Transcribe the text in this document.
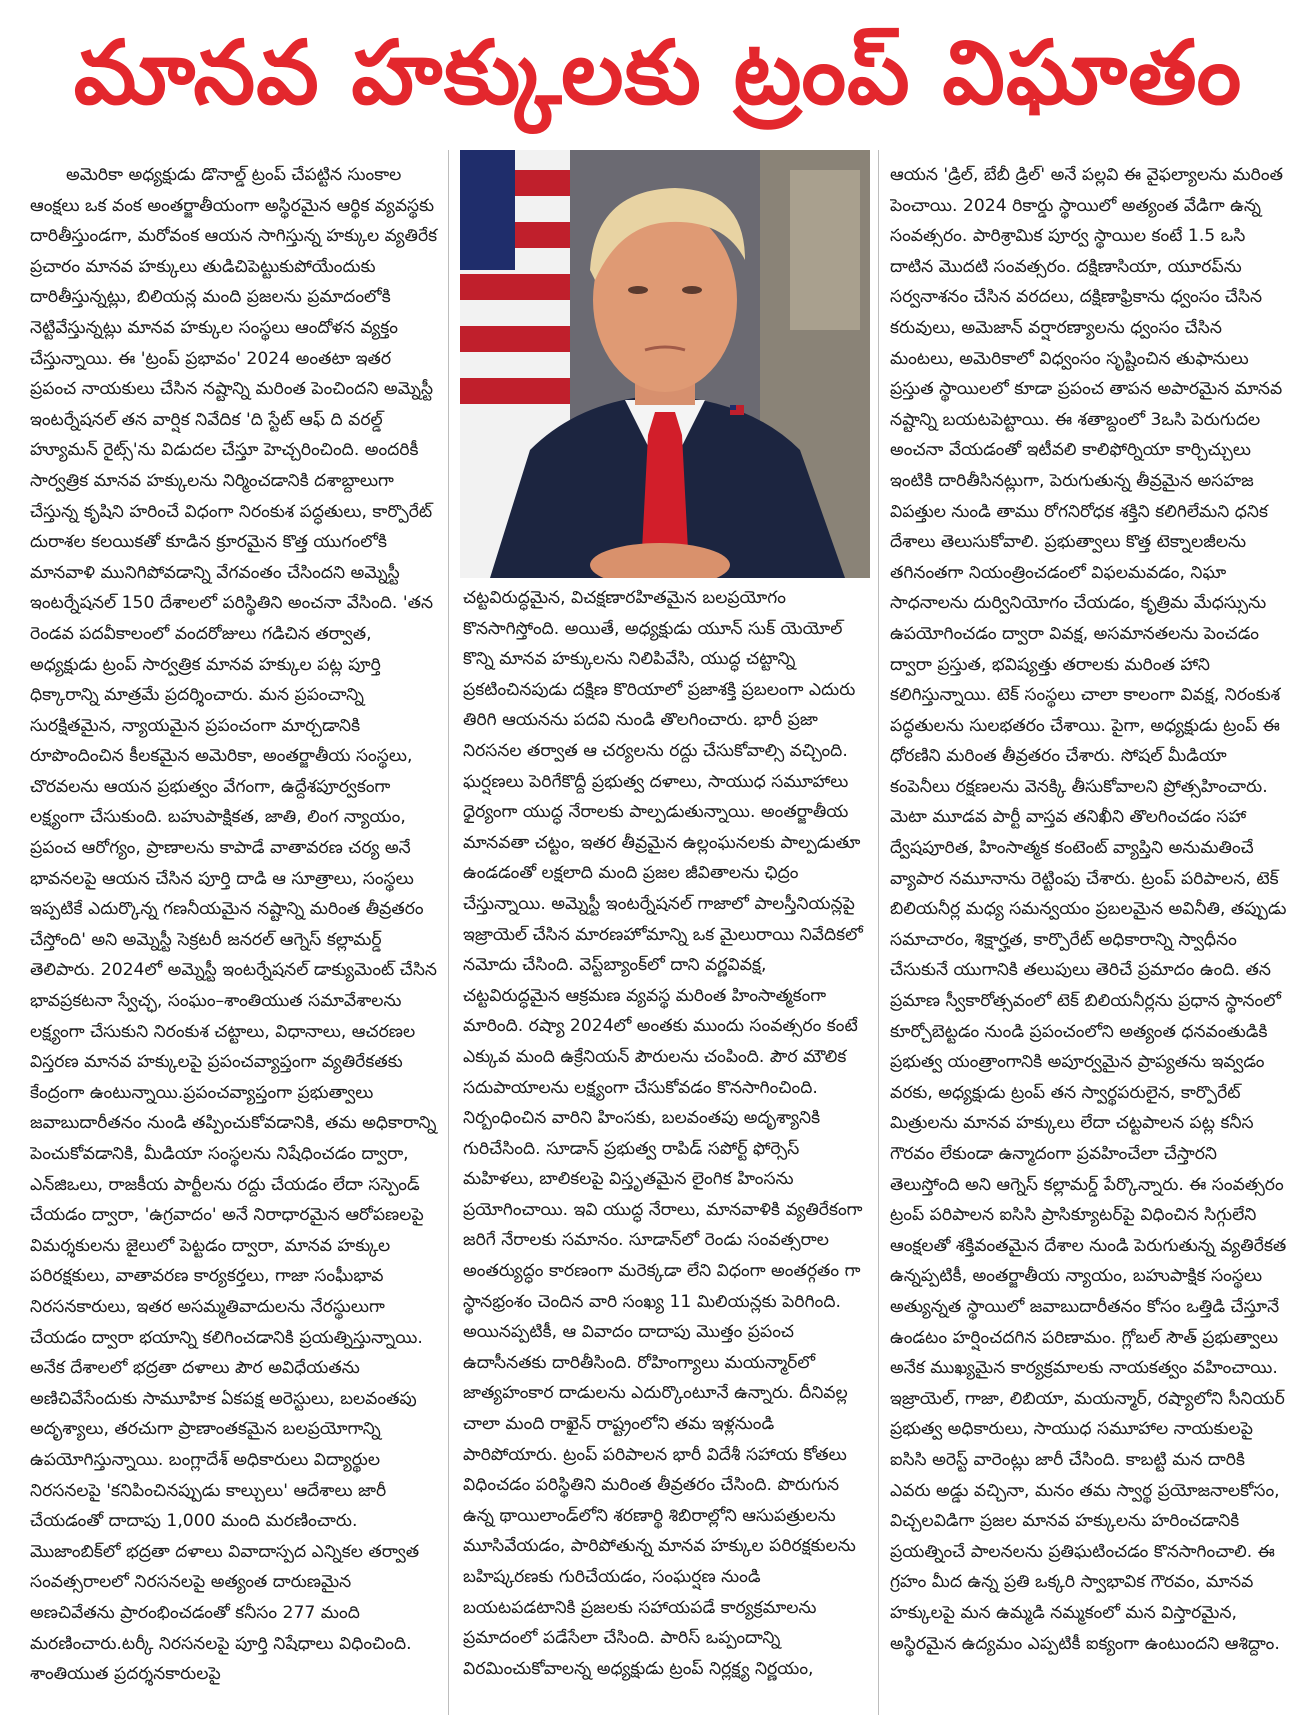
మానవ హక్కులకు ట్రంప్ విఘాతం

అమెరికా అధ్యక్షుడు డొనాల్డ్ ట్రంప్ చేపట్టిన సుంకాల ఆంక్షలు ఒక వంక అంతర్జాతీయంగా అస్థిరమైన ఆర్థిక వ్యవస్థకు దారితీస్తుండగా, మరోవంక ఆయన సాగిస్తున్న హక్కుల వ్యతిరేక ప్రచారం మానవ హక్కులు తుడిచిపెట్టుకుపోయేందుకు దారితీస్తున్నట్లు, బిలియన్ల మంది ప్రజలను ప్రమాదంలోకి నెట్టివేస్తున్నట్లు మానవ హక్కుల సంస్థలు ఆందోళన వ్యక్తం చేస్తున్నాయి. ఈ 'ట్రంప్ ప్రభావం' 2024 అంతటా ఇతర ప్రపంచ నాయకులు చేసిన నష్టాన్ని మరింత పెంచిందని అమ్నెస్టీ ఇంటర్నేషనల్ తన వార్షిక నివేదిక 'ది స్టేట్ ఆఫ్ ది వరల్డ్ హ్యూమన్ రైట్స్'ను విడుదల చేస్తూ హెచ్చరించింది. అందరికీ సార్వత్రిక మానవ హక్కులను నిర్మించడానికి దశాబ్దాలుగా చేస్తున్న కృషిని హరించే విధంగా నిరంకుశ పద్ధతులు, కార్పొరేట్ దురాశల కలయికతో కూడిన క్రూరమైన కొత్త యుగంలోకి మానవాళి మునిగిపోవడాన్ని వేగవంతం చేసిందని అమ్నెస్టీ ఇంటర్నేషనల్ 150 దేశాలలో పరిస్థితిని అంచనా వేసింది. 'తన రెండవ పదవీకాలంలో వందరోజులు గడిచిన తర్వాత, అధ్యక్షుడు ట్రంప్ సార్వత్రిక మానవ హక్కుల పట్ల పూర్తి ధిక్కారాన్ని మాత్రమే ప్రదర్శించారు. మన ప్రపంచాన్ని సురక్షితమైన, న్యాయమైన ప్రపంచంగా మార్చడానికి రూపొందించిన కీలకమైన అమెరికా, అంతర్జాతీయ సంస్థలు, చొరవలను ఆయన ప్రభుత్వం వేగంగా, ఉద్దేశపూర్వకంగా లక్ష్యంగా చేసుకుంది. బహుపాక్షికత, జాతి, లింగ న్యాయం, ప్రపంచ ఆరోగ్యం, ప్రాణాలను కాపాడే వాతావరణ చర్య అనే భావనలపై ఆయన చేసిన పూర్తి దాడి ఆ సూత్రాలు, సంస్థలు ఇప్పటికే ఎదుర్కొన్న గణనీయమైన నష్టాన్ని మరింత తీవ్రతరం చేస్తోంది' అని అమ్నెస్టీ సెక్రటరీ జనరల్ ఆగ్నెస్ కల్లామర్డ్ తెలిపారు. 2024లో అమ్నెస్టీ ఇంటర్నేషనల్ డాక్యుమెంట్ చేసిన భావప్రకటనా స్వేచ్ఛ, సంఘం–శాంతియుత సమావేశాలను లక్ష్యంగా చేసుకుని నిరంకుశ చట్టాలు, విధానాలు, ఆచరణల విస్తరణ మానవ హక్కులపై ప్రపంచవ్యాప్తంగా వ్యతిరేకతకు కేంద్రంగా ఉంటున్నాయి.ప్రపంచవ్యాప్తంగా ప్రభుత్వాలు జవాబుదారీతనం నుండి తప్పించుకోవడానికి, తమ అధికారాన్ని పెంచుకోవడానికి, మీడియా సంస్థలను నిషేధించడం ద్వారా, ఎన్‌జిఒలు, రాజకీయ పార్టీలను రద్దు చేయడం లేదా సస్పెండ్ చేయడం ద్వారా, 'ఉగ్రవాదం' అనే నిరాధారమైన ఆరోపణలపై విమర్శకులను జైలులో పెట్టడం ద్వారా, మానవ హక్కుల పరిరక్షకులు, వాతావరణ కార్యకర్తలు, గాజా సంఘీభావ నిరసనకారులు, ఇతర అసమ్మతివాదులను నేరస్థులుగా చేయడం ద్వారా భయాన్ని కలిగించడానికి ప్రయత్నిస్తున్నాయి. అనేక దేశాలలో భద్రతా దళాలు పౌర అవిధేయతను అణిచివేసేందుకు సామూహిక ఏకపక్ష అరెస్టులు, బలవంతపు అదృశ్యాలు, తరచుగా ప్రాణాంతకమైన బలప్రయోగాన్ని ఉపయోగిస్తున్నాయి. బంగ్లాదేశ్ అధికారులు విద్యార్థుల నిరసనలపై 'కనిపించినప్పుడు కాల్చులు' ఆదేశాలు జారీ చేయడంతో దాదాపు 1,000 మంది మరణించారు. మొజాంబిక్‌లో భద్రతా దళాలు వివాదాస్పద ఎన్నికల తర్వాత సంవత్సరాలలో నిరసనలపై అత్యంత దారుణమైన అణచివేతను ప్రారంభించడంతో కనీసం 277 మంది మరణించారు.టర్కీ నిరసనలపై పూర్తి నిషేధాలు విధించింది. శాంతియుత ప్రదర్శనకారులపై

చట్టవిరుద్ధమైన, విచక్షణారహితమైన బలప్రయోగం కొనసాగిస్తోంది. అయితే, అధ్యక్షుడు యూన్ సుక్ యెయోల్ కొన్ని మానవ హక్కులను నిలిపివేసి, యుద్ధ చట్టాన్ని ప్రకటించినపుడు దక్షిణ కొరియాలో ప్రజాశక్తి ప్రబలంగా ఎదురు తిరిగి ఆయనను పదవి నుండి తొలగించారు. భారీ ప్రజా నిరసనల తర్వాత ఆ చర్యలను రద్దు చేసుకోవాల్సి వచ్చింది. ఘర్షణలు పెరిగేకొద్దీ ప్రభుత్వ దళాలు, సాయుధ సమూహాలు ధైర్యంగా యుద్ధ నేరాలకు పాల్పడుతున్నాయి. అంతర్జాతీయ మానవతా చట్టం, ఇతర తీవ్రమైన ఉల్లంఘనలకు పాల్పడుతూ ఉండడంతో లక్షలాది మంది ప్రజల జీవితాలను ఛిద్రం చేస్తున్నాయి. అమ్నెస్టీ ఇంటర్నేషనల్ గాజాలో పాలస్తీనియన్లపై ఇజ్రాయెల్ చేసిన మారణహోమాన్ని ఒక మైలురాయి నివేదికలో నమోదు చేసింది. వెస్ట్‌బ్యాంక్‌లో దాని వర్ణవివక్ష, చట్టవిరుద్ధమైన ఆక్రమణ వ్యవస్థ మరింత హింసాత్మకంగా మారింది. రష్యా 2024లో అంతకు ముందు సంవత్సరం కంటే ఎక్కువ మంది ఉక్రేనియన్ పౌరులను చంపింది. పౌర మౌలిక సదుపాయాలను లక్ష్యంగా చేసుకోవడం కొనసాగించింది. నిర్బంధించిన వారిని హింసకు, బలవంతపు అదృశ్యానికి గురిచేసింది. సూడాన్ ప్రభుత్వ రాపిడ్ సపోర్ట్ ఫోర్సెస్ మహిళలు, బాలికలపై విస్తృతమైన లైంగిక హింసను ప్రయోగించాయి. ఇవి యుద్ధ నేరాలు, మానవాళికి వ్యతిరేకంగా జరిగే నేరాలకు సమానం. సూడాన్‌లో రెండు సంవత్సరాల అంతర్యుద్ధం కారణంగా మరెక్కడా లేని విధంగా అంతర్గతం గా స్థానభ్రంశం చెందిన వారి సంఖ్య 11 మిలియన్లకు పెరిగింది. అయినప్పటికీ, ఆ వివాదం దాదాపు మొత్తం ప్రపంచ ఉదాసీనతకు దారితీసింది. రోహింగ్యాలు మయన్మార్‌లో జాత్యహంకార దాడులను ఎదుర్కొంటూనే ఉన్నారు. దీనివల్ల చాలా మంది రాఖైన్ రాష్ట్రంలోని తమ ఇళ్లనుండి పారిపోయారు. ట్రంప్ పరిపాలన భారీ విదేశీ సహాయ కోతలు విధించడం పరిస్థితిని మరింత తీవ్రతరం చేసింది. పొరుగున ఉన్న థాయిలాండ్‌లోని శరణార్థి శిబిరాల్లోని ఆసుపత్రులను మూసివేయడం, పారిపోతున్న మానవ హక్కుల పరిరక్షకులను బహిష్కరణకు గురిచేయడం, సంఘర్షణ నుండి బయటపడటానికి ప్రజలకు సహాయపడే కార్యక్రమాలను ప్రమాదంలో పడేసేలా చేసింది. పారిస్ ఒప్పందాన్ని విరమించుకోవాలన్న అధ్యక్షుడు ట్రంప్ నిర్లక్ష్య నిర్ణయం,

ఆయన 'డ్రిల్, బేబీ డ్రిల్' అనే పల్లవి ఈ వైఫల్యాలను మరింత పెంచాయి. 2024 రికార్డు స్థాయిలో అత్యంత వేడిగా ఉన్న సంవత్సరం. పారిశ్రామిక పూర్వ స్థాయిల కంటే 1.5 ఒసి దాటిన మొదటి సంవత్సరం. దక్షిణాసియా, యూరప్‌ను సర్వనాశనం చేసిన వరదలు, దక్షిణాఫ్రికాను ధ్వంసం చేసిన కరువులు, అమెజాన్ వర్షారణ్యాలను ధ్వంసం చేసిన మంటలు, అమెరికాలో విధ్వంసం సృష్టించిన తుఫానులు ప్రస్తుత స్థాయిలలో కూడా ప్రపంచ తాపన అపారమైన మానవ నష్టాన్ని బయటపెట్టాయి. ఈ శతాబ్దంలో 3ఒసి పెరుగుదల అంచనా వేయడంతో ఇటీవలి కాలిఫోర్నియా కార్చిచ్చులు ఇంటికి దారితీసినట్లుగా, పెరుగుతున్న తీవ్రమైన అసహజ విపత్తుల నుండి తాము రోగనిరోధక శక్తిని కలిగిలేమని ధనిక దేశాలు తెలుసుకోవాలి. ప్రభుత్వాలు కొత్త టెక్నాలజీలను తగినంతగా నియంత్రించడంలో విఫలమవడం, నిఘా సాధనాలను దుర్వినియోగం చేయడం, కృత్రిమ మేధస్సును ఉపయోగించడం ద్వారా వివక్ష, అసమానతలను పెంచడం ద్వారా ప్రస్తుత, భవిష్యత్తు తరాలకు మరింత హాని కలిగిస్తున్నాయి. టెక్ సంస్థలు చాలా కాలంగా వివక్ష, నిరంకుశ పద్ధతులను సులభతరం చేశాయి. పైగా, అధ్యక్షుడు ట్రంప్ ఈ ధోరణిని మరింత తీవ్రతరం చేశారు. సోషల్ మీడియా కంపెనీలు రక్షణలను వెనక్కి తీసుకోవాలని ప్రోత్సహించారు. మెటా మూడవ పార్టీ వాస్తవ తనిఖీని తొలగించడం సహా ద్వేషపూరిత, హింసాత్మక కంటెంట్ వ్యాప్తిని అనుమతించే వ్యాపార నమూనాను రెట్టింపు చేశారు. ట్రంప్ పరిపాలన, టెక్ బిలియనీర్ల మధ్య సమన్వయం ప్రబలమైన అవినీతి, తప్పుడు సమాచారం, శిక్షార్హత, కార్పొరేట్ అధికారాన్ని స్వాధీనం చేసుకునే యుగానికి తలుపులు తెరిచే ప్రమాదం ఉంది. తన ప్రమాణ స్వీకారోత్సవంలో టెక్ బిలియనీర్లను ప్రధాన స్థానంలో కూర్చోబెట్టడం నుండి ప్రపంచంలోని అత్యంత ధనవంతుడికి ప్రభుత్వ యంత్రాంగానికి అపూర్వమైన ప్రాప్యతను ఇవ్వడం వరకు, అధ్యక్షుడు ట్రంప్ తన స్వార్థపరులైన, కార్పొరేట్ మిత్రులను మానవ హక్కులు లేదా చట్టపాలన పట్ల కనీస గౌరవం లేకుండా ఉన్మాదంగా ప్రవహించేలా చేస్తారని తెలుస్తోంది అని ఆగ్నెస్ కల్లామర్డ్ పేర్కొన్నారు. ఈ సంవత్సరం ట్రంప్ పరిపాలన ఐసిసి ప్రాసిక్యూటర్‌పై విధించిన సిగ్గులేని ఆంక్షలతో శక్తివంతమైన దేశాల నుండి పెరుగుతున్న వ్యతిరేకత ఉన్నప్పటికీ, అంతర్జాతీయ న్యాయం, బహుపాక్షిక సంస్థలు అత్యున్నత స్థాయిలో జవాబుదారీతనం కోసం ఒత్తిడి చేస్తూనే ఉండటం హర్షించదగిన పరిణామం. గ్లోబల్ సౌత్ ప్రభుత్వాలు అనేక ముఖ్యమైన కార్యక్రమాలకు నాయకత్వం వహించాయి. ఇజ్రాయెల్, గాజా, లిబియా, మయన్మార్, రష్యాలోని సీనియర్ ప్రభుత్వ అధికారులు, సాయుధ సమూహాల నాయకులపై ఐసిసి అరెస్ట్ వారెంట్లు జారీ చేసింది. కాబట్టి మన దారికి ఎవరు అడ్డు వచ్చినా, మనం తమ స్వార్థ ప్రయోజనాలకోసం, విచ్చలవిడిగా ప్రజల మానవ హక్కులను హరించడానికి ప్రయత్నించే పాలనలను ప్రతిఘటించడం కొనసాగించాలి. ఈ గ్రహం మీద ఉన్న ప్రతి ఒక్కరి స్వాభావిక గౌరవం, మానవ హక్కులపై మన ఉమ్మడి నమ్మకంలో మన విస్తారమైన, అస్థిరమైన ఉద్యమం ఎప్పటికీ ఐక్యంగా ఉంటుందని ఆశిద్దాం.
